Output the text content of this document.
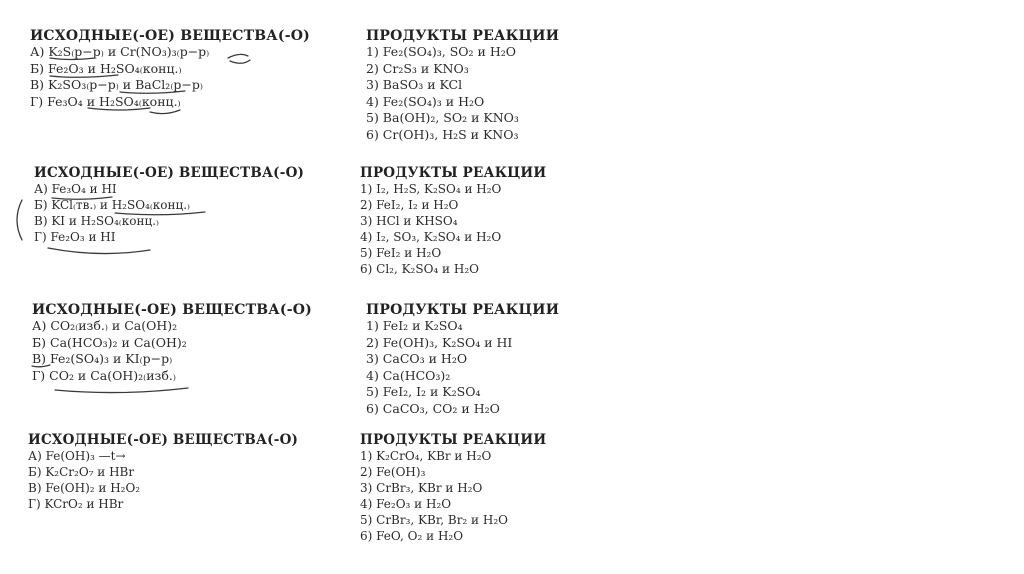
ИСХОДНЫЕ(-ОЕ) ВЕЩЕСТВА(-О)
А) K₂S₍р−р₎ и Cr(NO₃)₃₍р−р₎
Б) Fe₂O₃ и H₂SO₄₍конц.₎
В) K₂SO₃₍р−р₎ и BaCl₂₍р−р₎
Г) Fe₃O₄ и H₂SO₄₍конц.₎
ПРОДУКТЫ РЕАКЦИИ
1) Fe₂(SO₄)₃, SO₂ и H₂O
2) Cr₂S₃ и KNO₃
3) BaSO₃ и KCl
4) Fe₂(SO₄)₃ и H₂O
5) Ba(OH)₂, SO₂ и KNO₃
6) Cr(OH)₃, H₂S и KNO₃
ИСХОДНЫЕ(-ОЕ) ВЕЩЕСТВА(-О)
А) Fe₃O₄ и HI
Б) KCl₍тв.₎ и H₂SO₄₍конц.₎
В) KI и H₂SO₄₍конц.₎
Г) Fe₂O₃ и HI
ПРОДУКТЫ РЕАКЦИИ
1) I₂, H₂S, K₂SO₄ и H₂O
2) FeI₂, I₂ и H₂O
3) HCl и KHSO₄
4) I₂, SO₃, K₂SO₄ и H₂O
5) FeI₂ и H₂O
6) Cl₂, K₂SO₄ и H₂O
ИСХОДНЫЕ(-ОЕ) ВЕЩЕСТВА(-О)
А) CO₂₍изб.₎ и Ca(OH)₂
Б) Ca(HCO₃)₂ и Ca(OH)₂
В) Fe₂(SO₄)₃ и KI₍р−р₎
Г) CO₂ и Ca(OH)₂₍изб.₎
ПРОДУКТЫ РЕАКЦИИ
1) FeI₂ и K₂SO₄
2) Fe(OH)₃, K₂SO₄ и HI
3) CaCO₃ и H₂O
4) Ca(HCO₃)₂
5) FeI₂, I₂ и K₂SO₄
6) CaCO₃, CO₂ и H₂O
ИСХОДНЫЕ(-ОЕ) ВЕЩЕСТВА(-О)
А) Fe(OH)₃ —t→
Б) K₂Cr₂O₇ и HBr
В) Fe(OH)₂ и H₂O₂
Г) KCrO₂ и HBr
ПРОДУКТЫ РЕАКЦИИ
1) K₂CrO₄, KBr и H₂O
2) Fe(OH)₃
3) CrBr₃, KBr и H₂O
4) Fe₂O₃ и H₂O
5) CrBr₃, KBr, Br₂ и H₂O
6) FeO, O₂ и H₂O
